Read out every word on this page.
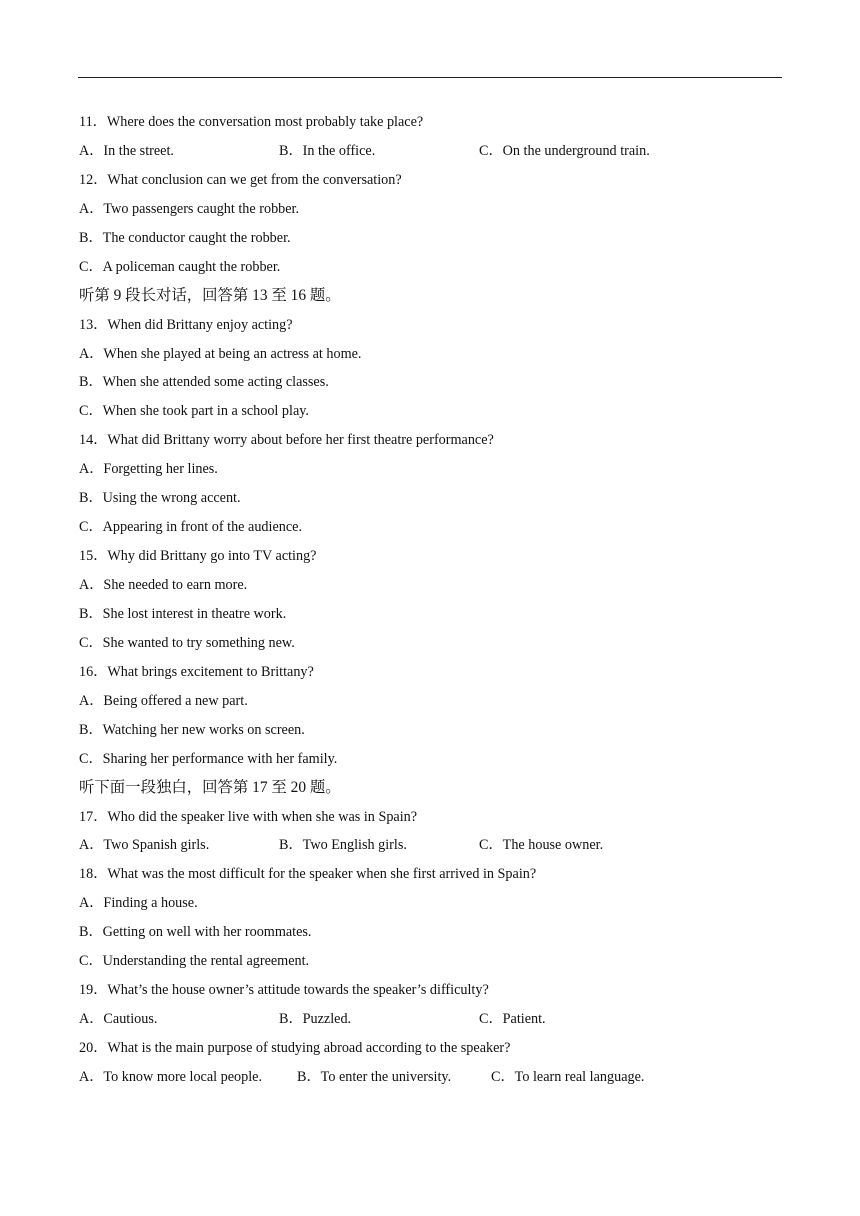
11．Where does the conversation most probably take place?
A．In the street.	B．In the office.	C．On the underground train.
12．What conclusion can we get from the conversation?
A．Two passengers caught the robber.
B．The conductor caught the robber.
C．A policeman caught the robber.
听第 9 段长对话，回答第 13 至 16 题。
13．When did Brittany enjoy acting?
A．When she played at being an actress at home.
B．When she attended some acting classes.
C．When she took part in a school play.
14．What did Brittany worry about before her first theatre performance?
A．Forgetting her lines.
B．Using the wrong accent.
C．Appearing in front of the audience.
15．Why did Brittany go into TV acting?
A．She needed to earn more.
B．She lost interest in theatre work.
C．She wanted to try something new.
16．What brings excitement to Brittany?
A．Being offered a new part.
B．Watching her new works on screen.
C．Sharing her performance with her family.
听下面一段独白，回答第 17 至 20 题。
17．Who did the speaker live with when she was in Spain?
A．Two Spanish girls.	B．Two English girls.	C．The house owner.
18．What was the most difficult for the speaker when she first arrived in Spain?
A．Finding a house.
B．Getting on well with her roommates.
C．Understanding the rental agreement.
19．What’s the house owner’s attitude towards the speaker’s difficulty?
A．Cautious.	B．Puzzled.	C．Patient.
20．What is the main purpose of studying abroad according to the speaker?
A．To know more local people. B．To enter the university.	C．To learn real language.
